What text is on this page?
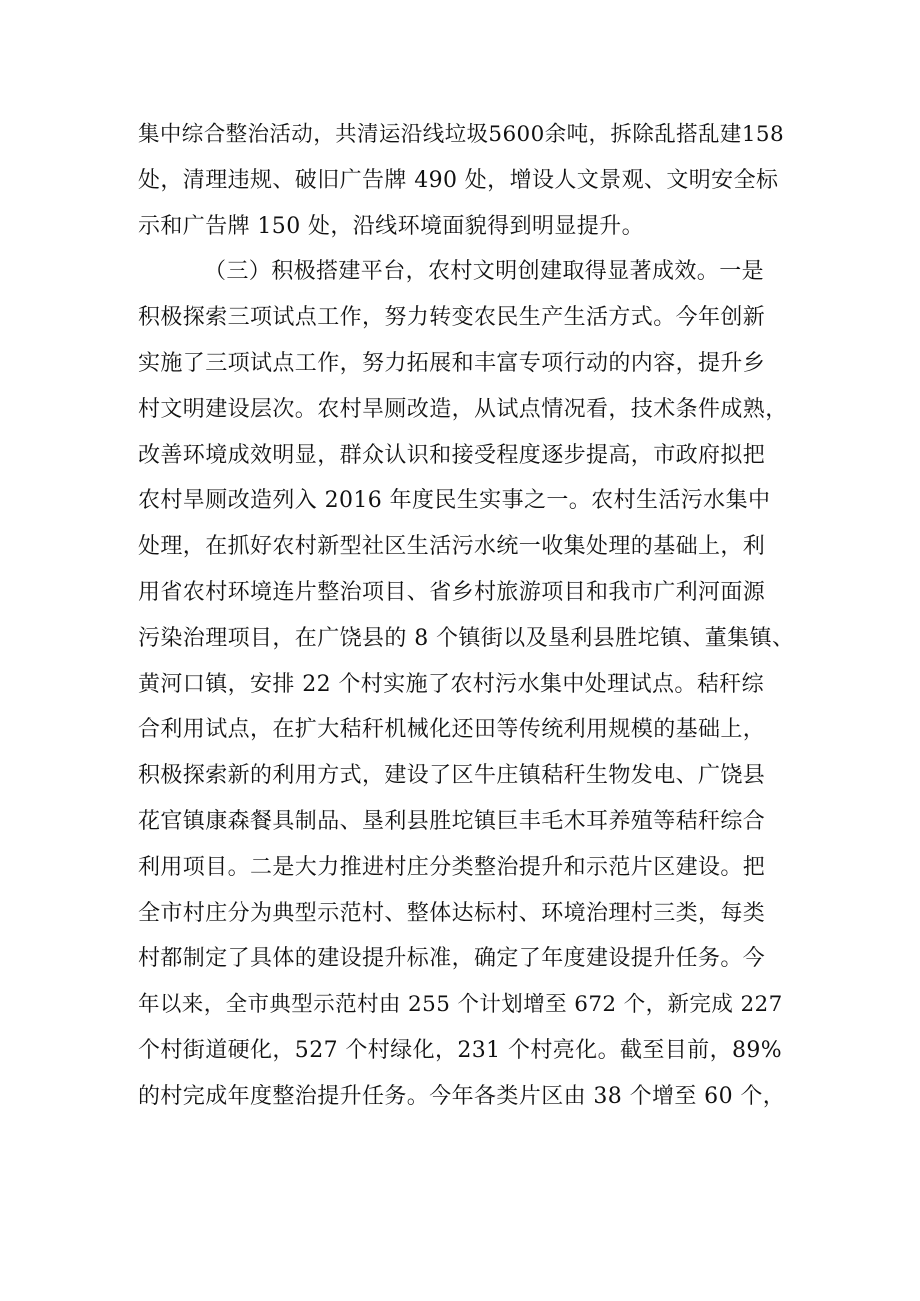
集中综合整治活动，共清运沿线垃圾5600余吨，拆除乱搭乱建158
处，清理违规、破旧广告牌 490 处，增设人文景观、文明安全标
示和广告牌 150 处，沿线环境面貌得到明显提升。
（三）积极搭建平台，农村文明创建取得显著成效。一是
积极探索三项试点工作，努力转变农民生产生活方式。今年创新
实施了三项试点工作，努力拓展和丰富专项行动的内容，提升乡
村文明建设层次。农村旱厕改造，从试点情况看，技术条件成熟，
改善环境成效明显，群众认识和接受程度逐步提高，市政府拟把
农村旱厕改造列入 2016 年度民生实事之一。农村生活污水集中
处理，在抓好农村新型社区生活污水统一收集处理的基础上，利
用省农村环境连片整治项目、省乡村旅游项目和我市广利河面源
污染治理项目，在广饶县的 8 个镇街以及垦利县胜坨镇、董集镇、
黄河口镇，安排 22 个村实施了农村污水集中处理试点。秸秆综
合利用试点，在扩大秸秆机械化还田等传统利用规模的基础上，
积极探索新的利用方式，建设了区牛庄镇秸秆生物发电、广饶县
花官镇康森餐具制品、垦利县胜坨镇巨丰毛木耳养殖等秸秆综合
利用项目。二是大力推进村庄分类整治提升和示范片区建设。把
全市村庄分为典型示范村、整体达标村、环境治理村三类，每类
村都制定了具体的建设提升标准，确定了年度建设提升任务。今
年以来，全市典型示范村由 255 个计划增至 672 个，新完成 227
个村街道硬化，527 个村绿化，231 个村亮化。截至目前，89%
的村完成年度整治提升任务。今年各类片区由 38 个增至 60 个，
